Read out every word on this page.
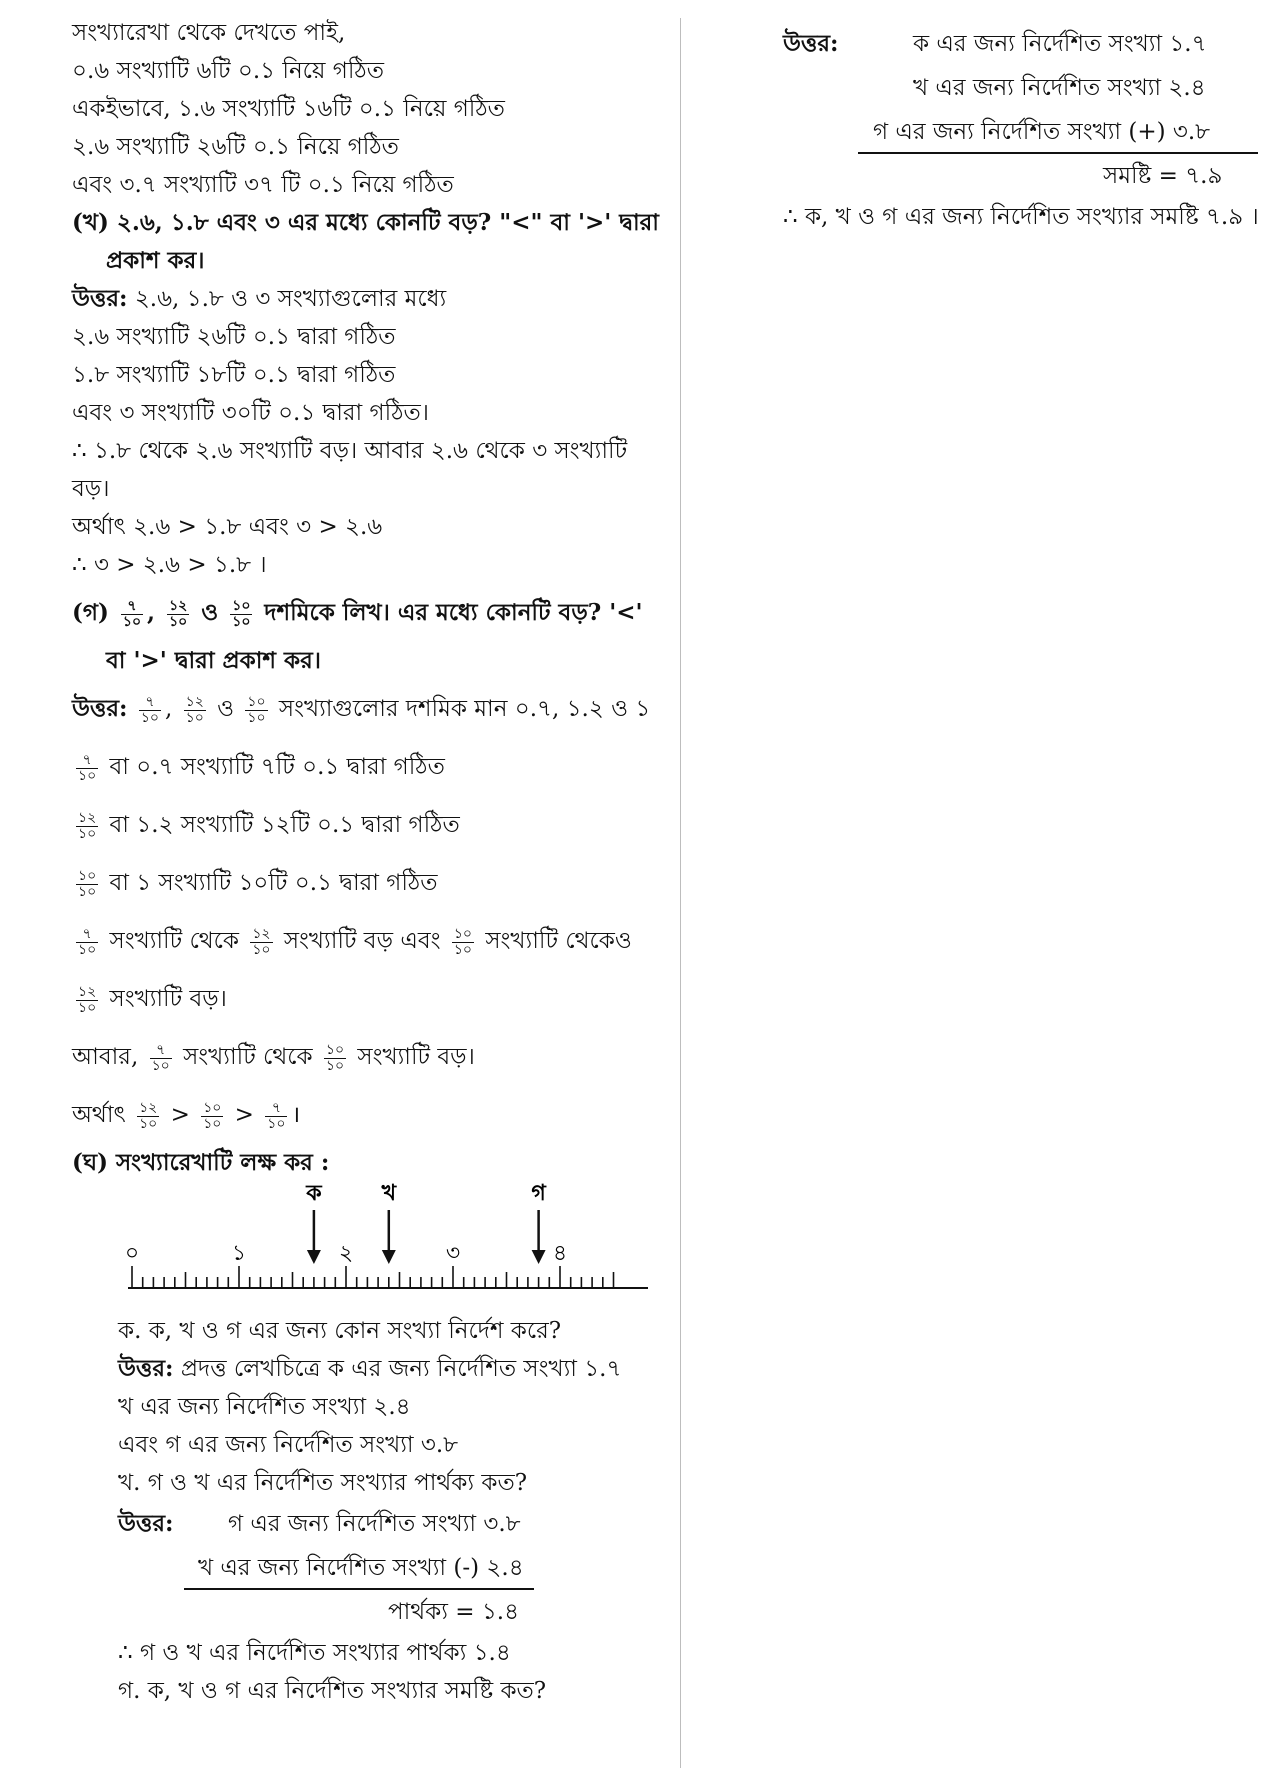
সংখ্যারেখা থেকে দেখতে পাই,
০.৬ সংখ্যাটি ৬টি ০.১ নিয়ে গঠিত
একইভাবে, ১.৬ সংখ্যাটি ১৬টি ০.১ নিয়ে গঠিত
২.৬ সংখ্যাটি ২৬টি ০.১ নিয়ে গঠিত
এবং ৩.৭ সংখ্যাটি ৩৭ টি ০.১ নিয়ে গঠিত
(খ) ২.৬, ১.৮ এবং ৩ এর মধ্যে কোনটি বড়? "<" বা '>' দ্বারা
প্রকাশ কর।
উত্তর: ২.৬, ১.৮ ও ৩ সংখ্যাগুলোর মধ্যে
২.৬ সংখ্যাটি ২৬টি ০.১ দ্বারা গঠিত
১.৮ সংখ্যাটি ১৮টি ০.১ দ্বারা গঠিত
এবং ৩ সংখ্যাটি ৩০টি ০.১ দ্বারা গঠিত।
∴ ১.৮ থেকে ২.৬ সংখ্যাটি বড়। আবার ২.৬ থেকে ৩ সংখ্যাটি
বড়।
অর্থাৎ ২.৬ > ১.৮ এবং ৩ > ২.৬
∴ ৩ > ২.৬ > ১.৮ ।
(গ) $\frac{৭}{১০}$ , $\frac{১২}{১০}$ ও $\frac{১০}{১০}$ দশমিকে লিখ। এর মধ্যে কোনটি বড়? '<'
বা '>' দ্বারা প্রকাশ কর।
উত্তর: $\frac{৭}{১০}$ , $\frac{১২}{১০}$ ও $\frac{১০}{১০}$ সংখ্যাগুলোর দশমিক মান ০.৭, ১.২ ও ১
$\frac{৭}{১০}$ বা ০.৭ সংখ্যাটি ৭টি ০.১ দ্বারা গঠিত
$\frac{১২}{১০}$ বা ১.২ সংখ্যাটি ১২টি ০.১ দ্বারা গঠিত
$\frac{১০}{১০}$ বা ১ সংখ্যাটি ১০টি ০.১ দ্বারা গঠিত
$\frac{৭}{১০}$ সংখ্যাটি থেকে $\frac{১২}{১০}$ সংখ্যাটি বড় এবং $\frac{১০}{১০}$ সংখ্যাটি থেকেও
$\frac{১২}{১০}$ সংখ্যাটি বড়।
আবার, $\frac{৭}{১০}$ সংখ্যাটি থেকে $\frac{১০}{১০}$ সংখ্যাটি বড়।
অর্থাৎ $\frac{১২}{১০} > \frac{১০}{১০} > \frac{৭}{১০}$ ।
(ঘ) সংখ্যারেখাটি লক্ষ কর :
০	১	২	৩	৪
ক	খ	গ
ক. ক, খ ও গ এর জন্য কোন সংখ্যা নির্দেশ করে?
উত্তর: প্রদত্ত লেখচিত্রে ক এর জন্য নির্দেশিত সংখ্যা ১.৭
খ এর জন্য নির্দেশিত সংখ্যা ২.৪
এবং গ এর জন্য নির্দেশিত সংখ্যা ৩.৮
খ. গ ও খ এর নির্দেশিত সংখ্যার পার্থক্য কত?
উত্তর: গ এর জন্য নির্দেশিত সংখ্যা ৩.৮
খ এর জন্য নির্দেশিত সংখ্যা (-) ২.৪
পার্থক্য = ১.৪
∴ গ ও খ এর নির্দেশিত সংখ্যার পার্থক্য ১.৪
গ. ক, খ ও গ এর নির্দেশিত সংখ্যার সমষ্টি কত?
উত্তর:	ক এর জন্য নির্দেশিত সংখ্যা ১.৭
খ এর জন্য নির্দেশিত সংখ্যা ২.৪
গ এর জন্য নির্দেশিত সংখ্যা (+) ৩.৮
সমষ্টি = ৭.৯
∴ ক, খ ও গ এর জন্য নির্দেশিত সংখ্যার সমষ্টি ৭.৯ ।
